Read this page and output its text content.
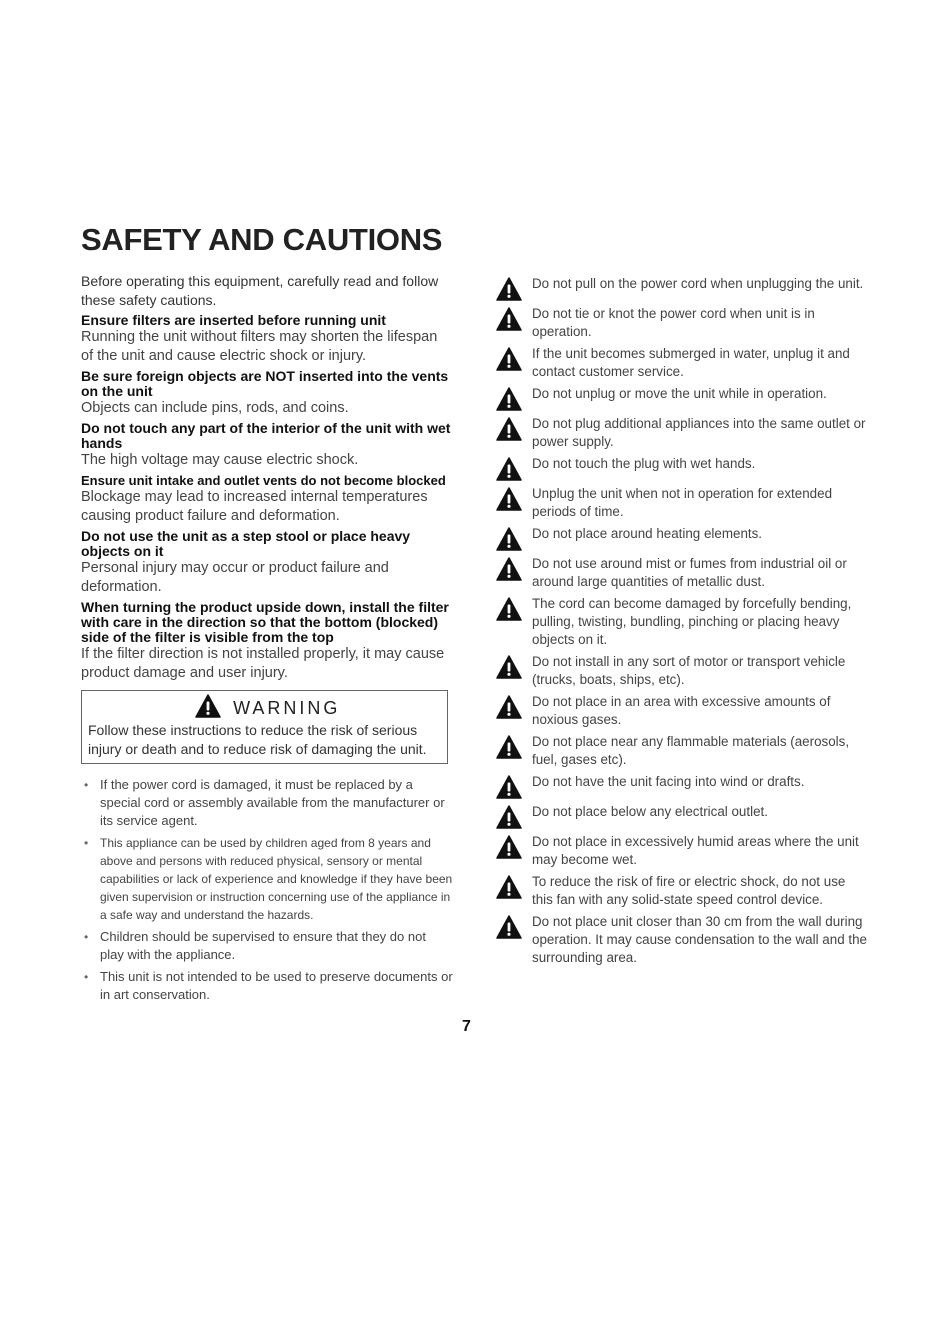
SAFETY AND CAUTIONS

Before operating this equipment, carefully read and follow these safety cautions.

Ensure filters are inserted before running unit

Running the unit without filters may shorten the lifespan of the unit and cause electric shock or injury.

Be sure foreign objects are NOT inserted into the vents on the unit

Objects can include pins, rods, and coins.

Do not touch any part of the interior of the unit with wet hands

The high voltage may cause electric shock.

Ensure unit intake and outlet vents do not become blocked

Blockage may lead to increased internal temperatures causing product failure and deformation.

Do not use the unit as a step stool or place heavy objects on it

Personal injury may occur or product failure and deformation.

When turning the product upside down, install the filter with care in the direction so that the bottom (blocked) side of the filter is visible from the top

If the filter direction is not installed properly, it may cause product damage and user injury.

WARNING

Follow these instructions to reduce the risk of serious injury or death and to reduce risk of damaging the unit.

• If the power cord is damaged, it must be replaced by a special cord or assembly available from the manufacturer or its service agent.
• This appliance can be used by children aged from 8 years and above and persons with reduced physical, sensory or mental capabilities or lack of experience and knowledge if they have been given supervision or instruction concerning use of the appliance in a safe way and understand the hazards.
• Children should be supervised to ensure that they do not play with the appliance.
• This unit is not intended to be used to preserve documents or in art conservation.
Do not pull on the power cord when unplugging the unit.
Do not tie or knot the power cord when unit is in operation.
If the unit becomes submerged in water, unplug it and contact customer service.
Do not unplug or move the unit while in operation.
Do not plug additional appliances into the same outlet or power supply.
Do not touch the plug with wet hands.
Unplug the unit when not in operation for extended periods of time.
Do not place around heating elements.
Do not use around mist or fumes from industrial oil or around large quantities of metallic dust.
The cord can become damaged by forcefully bending, pulling, twisting, bundling, pinching or placing heavy objects on it.
Do not install in any sort of motor or transport vehicle (trucks, boats, ships, etc).
Do not place in an area with excessive amounts of noxious gases.
Do not place near any flammable materials (aerosols, fuel, gases etc).
Do not have the unit facing into wind or drafts.
Do not place below any electrical outlet.
Do not place in excessively humid areas where the unit may become wet.
To reduce the risk of fire or electric shock, do not use this fan with any solid-state speed control device.
Do not place unit closer than 30 cm from the wall during operation. It may cause condensation to the wall and the surrounding area.
7
